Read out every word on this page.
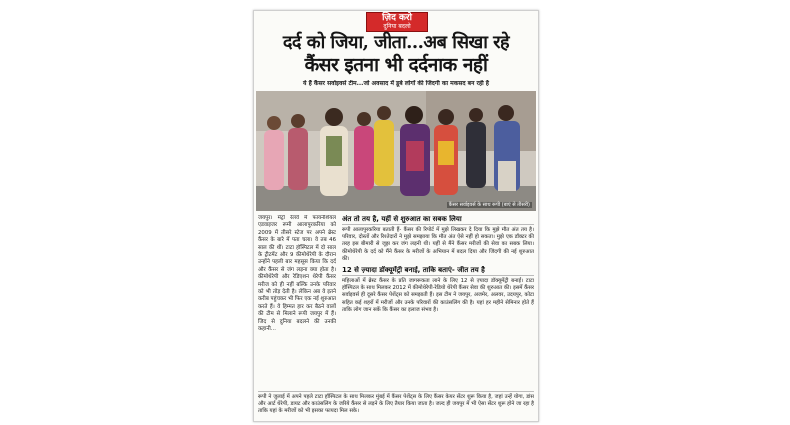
ज़िद करो
दुनिया बदलो
दर्द को जिया, जीता...अब सिखा रहे
कैंसर इतना भी दर्दनाक नहीं
ये हैं कैंसर सर्वाइवर्स टीम...जो अवसाद में डूबे लोगों की जिंदगी का मकसद बन रही है
कैंसर सर्वाइवर्स के साथ रूपी (बाएं से तीसरी)
जयपुर। मेट्रो रेलवे में फायनेंशियल एडवाइजर रूमी आलापुरकरिया को 2009 में तीसरे स्टेज पर अपने ब्रेस्ट कैंसर के बारे में पता चला। वे तब 46 साल की थीं। टाटा हॉस्पिटल में दो साल के ट्रीटमेंट और 9 कीमोथेरेपी के दौरान उन्होंने पहली बार महसूस किया कि दर्द और कैंसर से जंग लड़ना क्या होता है। कीमोथेरेपी और रेडिएशन थेरेपी कैंसर मरीज को ही नहीं बल्कि उनके परिवार को भी तोड़ देती है। लेकिन अब वे इतने करीब पहुंचकर भी फिर एक नई शुरुआत करते हैं। वे हिम्मत हार कर बैठने वालों की टीम से मिलाने रूपी जयपुर में हैं। जिद से दुनिया बदलने की उनकी कहानी...
अंत तो तय है, यहीं से शुरुआत का सबक लिया
रूपी आलापुरकरिया बताती हैं- कैंसर की रिपोर्ट में मुझे लिखकर दे दिया कि मुझे मौत अंत तय है। परिवार, दोस्तों और रिश्तेदारों ने मुझे समझाया कि मौत अंत ऐसे नहीं हो सकता। मुझे एक डॉक्टर की तरह इस बीमारी से जूझ कर जंग लड़नी थी। यहीं से मैंने कैंसर मरीजों की सेवा का सबक लिया। कीमोथेरेपी के दर्द को मैंने कैंसर के मरीजों के अभियान में बदल दिया और जिंदगी की नई शुरुआत की।
12 से ज़्यादा डॉक्यूमेंट्री बनाई, ताकि बताएं- जीत तय है
महिलाओं में ब्रेस्ट कैंसर के प्रति जागरूकता लाने के लिए 12 से ज़्यादा डॉक्यूमेंट्री बनाईं। टाटा हॉस्पिटल के साथ मिलकर 2012 में कीमोथेरेपी-रेडियो थेरेपी कैंसर सेवा की शुरुआत की। इसमें कैंसर सर्वाइवर्स ही दूसरे कैंसर पेशेंट्स को समझाती हैं। इस टीम ने जयपुर, अजमेर, अलवर, उदयपुर, कोटा सहित कई शहरों में मरीजों और उनके परिवारों की काउंसलिंग की है। यहां हर महीने सेमिनार होते हैं ताकि लोग जान सकें कि कैंसर का इलाज संभव है।
रूपी ने जुलाई में अपने पहले टाटा हॉस्पिटल के साथ मिलकर मुंबई में कैंसर पेशेंट्स के लिए कैंसर केयर सेंटर शुरू किया है, जहां उन्हें योगा, डांस और आर्ट थेरेपी, डायट और काउंसलिंग के जरिये कैंसर से लड़ने के लिए तैयार किया जाता है। जल्द ही जयपुर में भी ऐसा सेंटर शुरू होने जा रहा है ताकि यहां के मरीजों को भी इसका फायदा मिल सके।
